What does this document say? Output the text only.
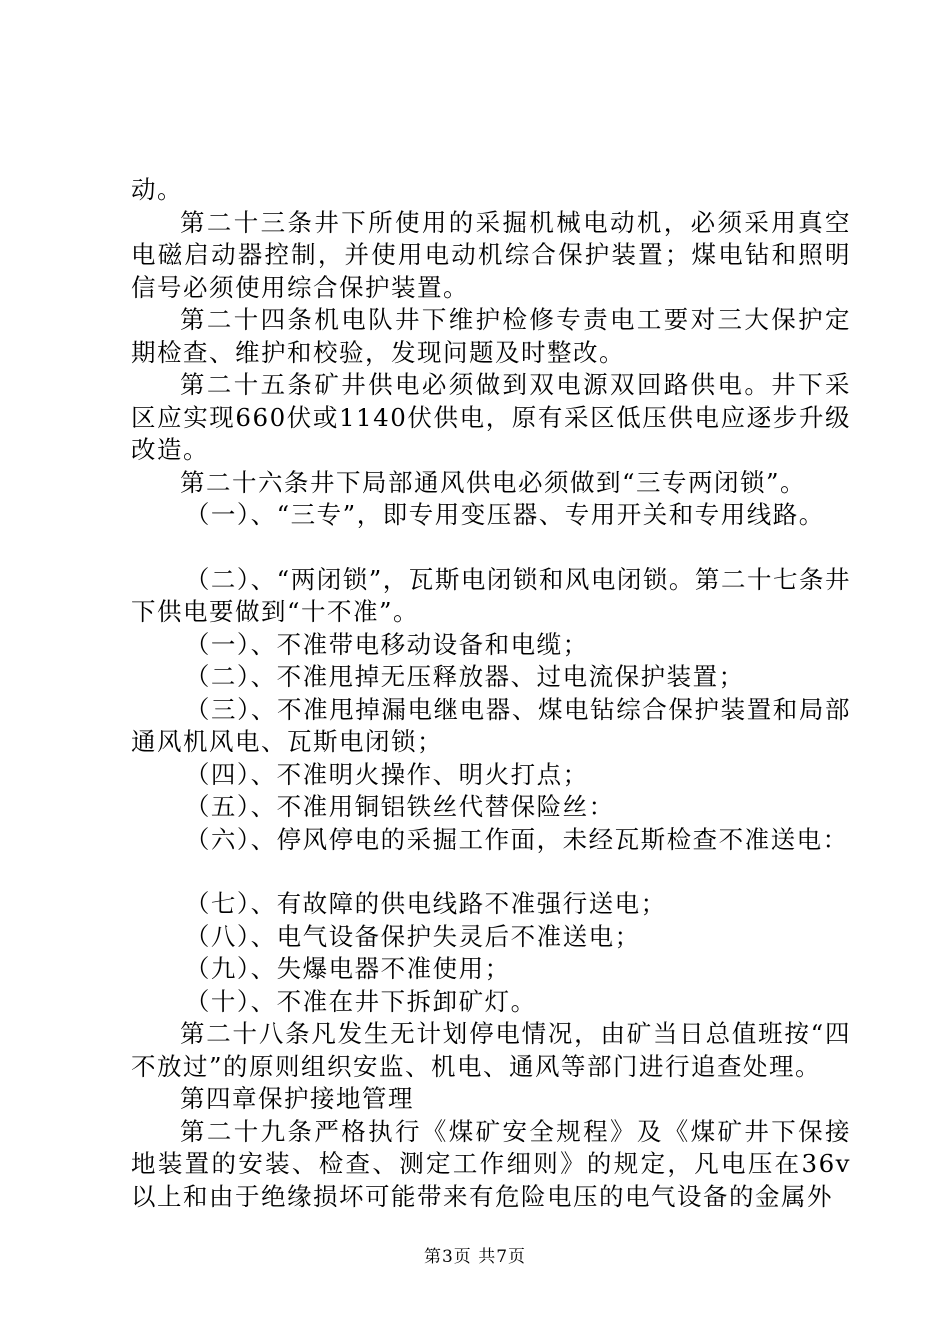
动。

第二十三条井下所使用的采掘机械电动机，必须采用真空电磁启动器控制，并使用电动机综合保护装置；煤电钻和照明信号必须使用综合保护装置。

第二十四条机电队井下维护检修专责电工要对三大保护定期检查、维护和校验，发现问题及时整改。

第二十五条矿井供电必须做到双电源双回路供电。井下采区应实现660伏或1140伏供电，原有采区低压供电应逐步升级改造。

第二十六条井下局部通风供电必须做到“三专两闭锁”。

（一）、“三专”，即专用变压器、专用开关和专用线路。

（二）、“两闭锁”，瓦斯电闭锁和风电闭锁。第二十七条井下供电要做到“十不准”。

（一）、不准带电移动设备和电缆；

（二）、不准甩掉无压释放器、过电流保护装置；

（三）、不准甩掉漏电继电器、煤电钻综合保护装置和局部通风机风电、瓦斯电闭锁；

（四）、不准明火操作、明火打点；

（五）、不准用铜铝铁丝代替保险丝：

（六）、停风停电的采掘工作面，未经瓦斯检查不准送电：

（七）、有故障的供电线路不准强行送电；

（八）、电气设备保护失灵后不准送电；

（九）、失爆电器不准使用；

（十）、不准在井下拆卸矿灯。

第二十八条凡发生无计划停电情况，由矿当日总值班按“四不放过”的原则组织安监、机电、通风等部门进行追查处理。

第四章保护接地管理

第二十九条严格执行《煤矿安全规程》及《煤矿井下保接地装置的安装、检查、测定工作细则》的规定，凡电压在36v以上和由于绝缘损坏可能带来有危险电压的电气设备的金属外

第3页 共7页
